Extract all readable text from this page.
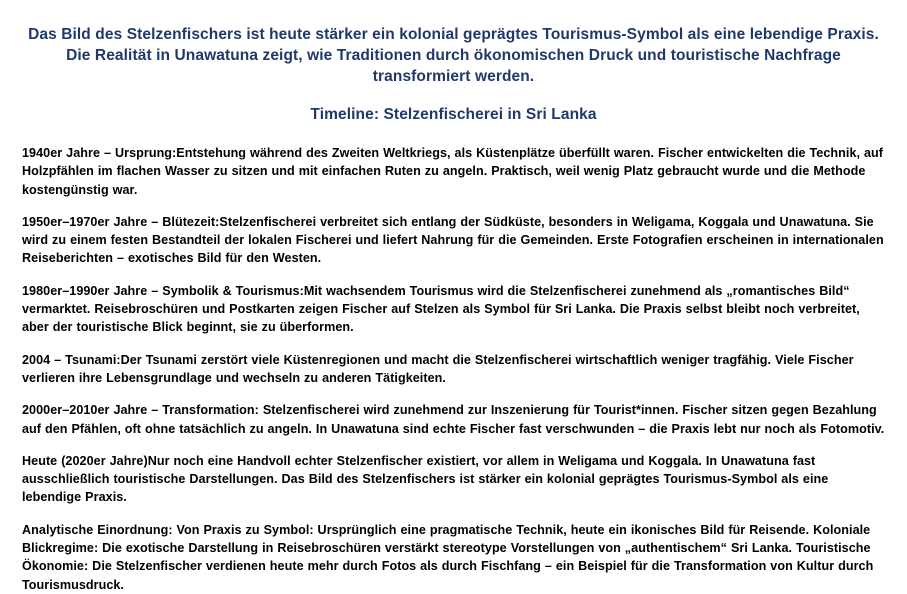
Das Bild des Stelzenfischers ist heute stärker ein kolonial geprägtes Tourismus-Symbol als eine lebendige Praxis. Die Realität in Unawatuna zeigt, wie Traditionen durch ökonomischen Druck und touristische Nachfrage transformiert werden.
Timeline: Stelzenfischerei in Sri Lanka

1940er Jahre – Ursprung:Entstehung während des Zweiten Weltkriegs, als Küstenplätze überfüllt waren. Fischer entwickelten die Technik, auf Holzpfählen im flachen Wasser zu sitzen und mit einfachen Ruten zu angeln. Praktisch, weil wenig Platz gebraucht wurde und die Methode kostengünstig war.

1950er–1970er Jahre – Blütezeit:Stelzenfischerei verbreitet sich entlang der Südküste, besonders in Weligama, Koggala und Unawatuna. Sie wird zu einem festen Bestandteil der lokalen Fischerei und liefert Nahrung für die Gemeinden. Erste Fotografien erscheinen in internationalen Reiseberichten – exotisches Bild für den Westen.

1980er–1990er Jahre – Symbolik & Tourismus:Mit wachsendem Tourismus wird die Stelzenfischerei zunehmend als „romantisches Bild“ vermarktet. Reisebroschüren und Postkarten zeigen Fischer auf Stelzen als Symbol für Sri Lanka. Die Praxis selbst bleibt noch verbreitet, aber der touristische Blick beginnt, sie zu überformen.

2004 – Tsunami:Der Tsunami zerstört viele Küstenregionen und macht die Stelzenfischerei wirtschaftlich weniger tragfähig. Viele Fischer verlieren ihre Lebensgrundlage und wechseln zu anderen Tätigkeiten.

2000er–2010er Jahre – Transformation: Stelzenfischerei wird zunehmend zur Inszenierung für Tourist*innen. Fischer sitzen gegen Bezahlung auf den Pfählen, oft ohne tatsächlich zu angeln. In Unawatuna sind echte Fischer fast verschwunden – die Praxis lebt nur noch als Fotomotiv.

Heute (2020er Jahre)Nur noch eine Handvoll echter Stelzenfischer existiert, vor allem in Weligama und Koggala. In Unawatuna fast ausschließlich touristische Darstellungen. Das Bild des Stelzenfischers ist stärker ein kolonial geprägtes Tourismus-Symbol als eine lebendige Praxis.

Analytische Einordnung: Von Praxis zu Symbol: Ursprünglich eine pragmatische Technik, heute ein ikonisches Bild für Reisende. Koloniale Blickregime: Die exotische Darstellung in Reisebroschüren verstärkt stereotype Vorstellungen von „authentischem“ Sri Lanka. Touristische Ökonomie: Die Stelzenfischer verdienen heute mehr durch Fotos als durch Fischfang – ein Beispiel für die Transformation von Kultur durch Tourismusdruck.
